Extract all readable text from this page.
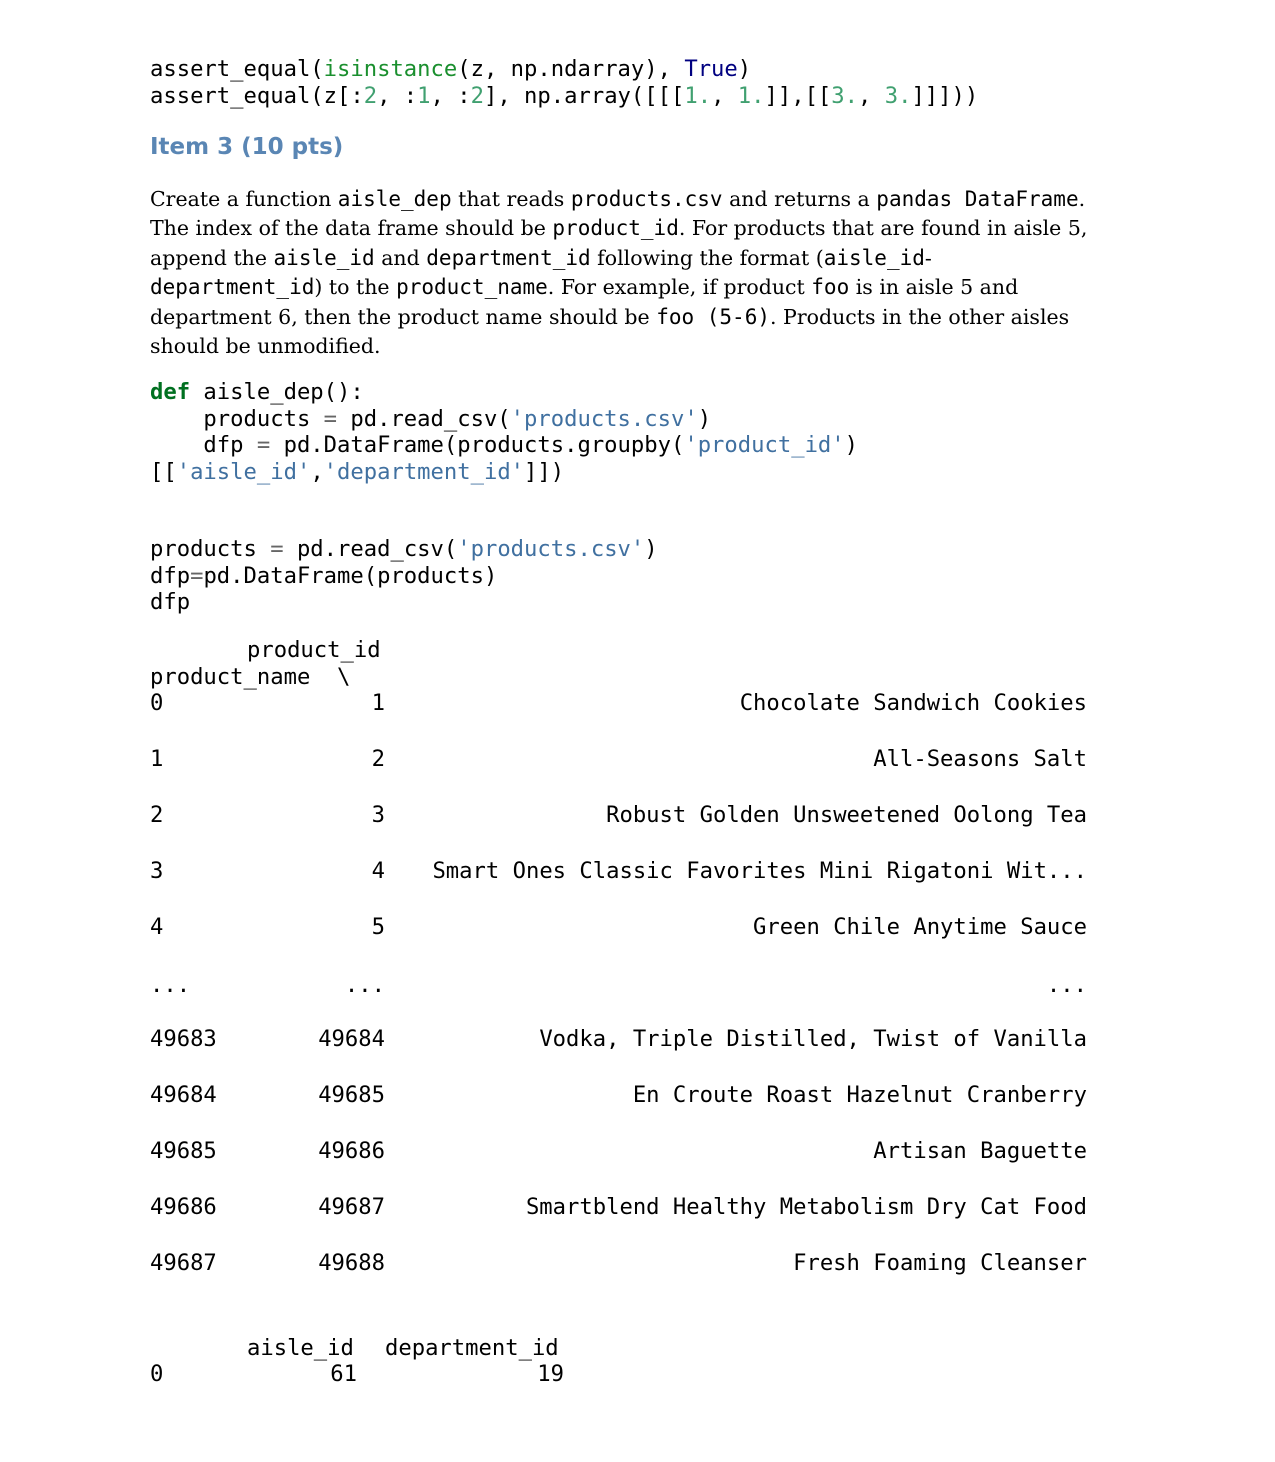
assert_equal(isinstance(z, np.ndarray), True)
assert_equal(z[:2, :1, :2], np.array([[[1., 1.]],[[3., 3.]]]))
Item 3 (10 pts)
Create a function aisle_dep that reads products.csv and returns a pandas DataFrame.
The index of the data frame should be product_id. For products that are found in aisle 5,
append the aisle_id and department_id following the format (aisle_id-
department_id) to the product_name. For example, if product foo is in aisle 5 and
department 6, then the product name should be foo (5-6). Products in the other aisles
should be unmodified.
def aisle_dep():
products = pd.read_csv('products.csv')
dfp = pd.DataFrame(products.groupby('product_id')
[['aisle_id','department_id']])
products = pd.read_csv('products.csv')
dfp=pd.DataFrame(products)
dfp
product_id
product_name  \
0	1	Chocolate Sandwich Cookies
1	2	All-Seasons Salt
2	3	Robust Golden Unsweetened Oolong Tea
3	4 Smart Ones Classic Favorites Mini Rigatoni Wit...
4	5	Green Chile Anytime Sauce
...	...	...
49683	49684	Vodka, Triple Distilled, Twist of Vanilla
49684	49685	En Croute Roast Hazelnut Cranberry
49685	49686	Artisan Baguette
49686	49687	Smartblend Healthy Metabolism Dry Cat Food
49687	49688	Fresh Foaming Cleanser
aisle_id department_id
0	61	19
